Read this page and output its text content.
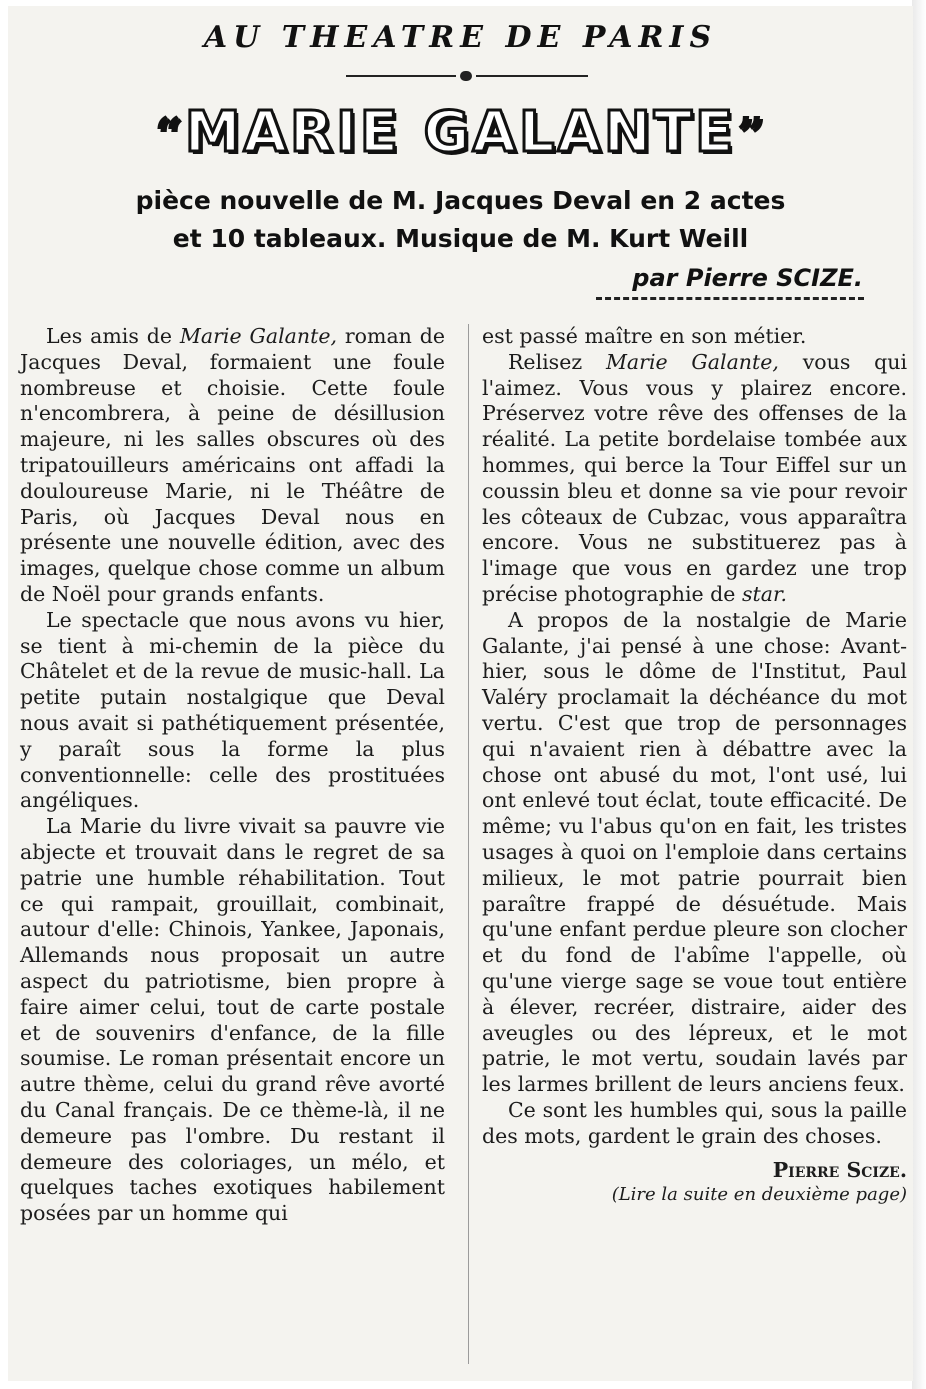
AU THEATRE DE PARIS
“MARIE GALANTE”
pièce nouvelle de M. Jacques Deval en 2 actes
et 10 tableaux. Musique de M. Kurt Weill
par Pierre SCIZE.

Les amis de Marie Galante, roman de Jacques Deval, formaient une foule nombreuse et choisie. Cette foule n'encombrera, à peine de désillusion majeure, ni les salles obscures où des tripatouilleurs américains ont affadi la douloureuse Marie, ni le Théâtre de Paris, où Jacques Deval nous en présente une nouvelle édition, avec des images, quelque chose comme un album de Noël pour grands enfants.

Le spectacle que nous avons vu hier, se tient à mi-chemin de la pièce du Châtelet et de la revue de music-hall. La petite putain nostalgique que Deval nous avait si pathétiquement présentée, y paraît sous la forme la plus conventionnelle: celle des prostituées angéliques.

La Marie du livre vivait sa pauvre vie abjecte et trouvait dans le regret de sa patrie une humble réhabilitation. Tout ce qui rampait, grouillait, combinait, autour d'elle: Chinois, Yankee, Japonais, Allemands nous proposait un autre aspect du patriotisme, bien propre à faire aimer celui, tout de carte postale et de souvenirs d'enfance, de la fille soumise. Le roman présentait encore un autre thème, celui du grand rêve avorté du Canal français. De ce thème-là, il ne demeure pas l'ombre. Du restant il demeure des coloriages, un mélo, et quelques taches exotiques habilement posées par un homme qui

est passé maître en son métier.

Relisez Marie Galante, vous qui l'aimez. Vous vous y plairez encore. Préservez votre rêve des offenses de la réalité. La petite bordelaise tombée aux hommes, qui berce la Tour Eiffel sur un coussin bleu et donne sa vie pour revoir les côteaux de Cubzac, vous apparaîtra encore. Vous ne substituerez pas à l'image que vous en gardez une trop précise photographie de star.

A propos de la nostalgie de Marie Galante, j'ai pensé à une chose: Avant-hier, sous le dôme de l'Institut, Paul Valéry proclamait la déchéance du mot vertu. C'est que trop de personnages qui n'avaient rien à débattre avec la chose ont abusé du mot, l'ont usé, lui ont enlevé tout éclat, toute efficacité. De même; vu l'abus qu'on en fait, les tristes usages à quoi on l'emploie dans certains milieux, le mot patrie pourrait bien paraître frappé de désuétude. Mais qu'une enfant perdue pleure son clocher et du fond de l'abîme l'appelle, où qu'une vierge sage se voue tout entière à élever, recréer, distraire, aider des aveugles ou des lépreux, et le mot patrie, le mot vertu, soudain lavés par les larmes brillent de leurs anciens feux.

Ce sont les humbles qui, sous la paille des mots, gardent le grain des choses.

Pierre Scize.
(Lire la suite en deuxième page)
